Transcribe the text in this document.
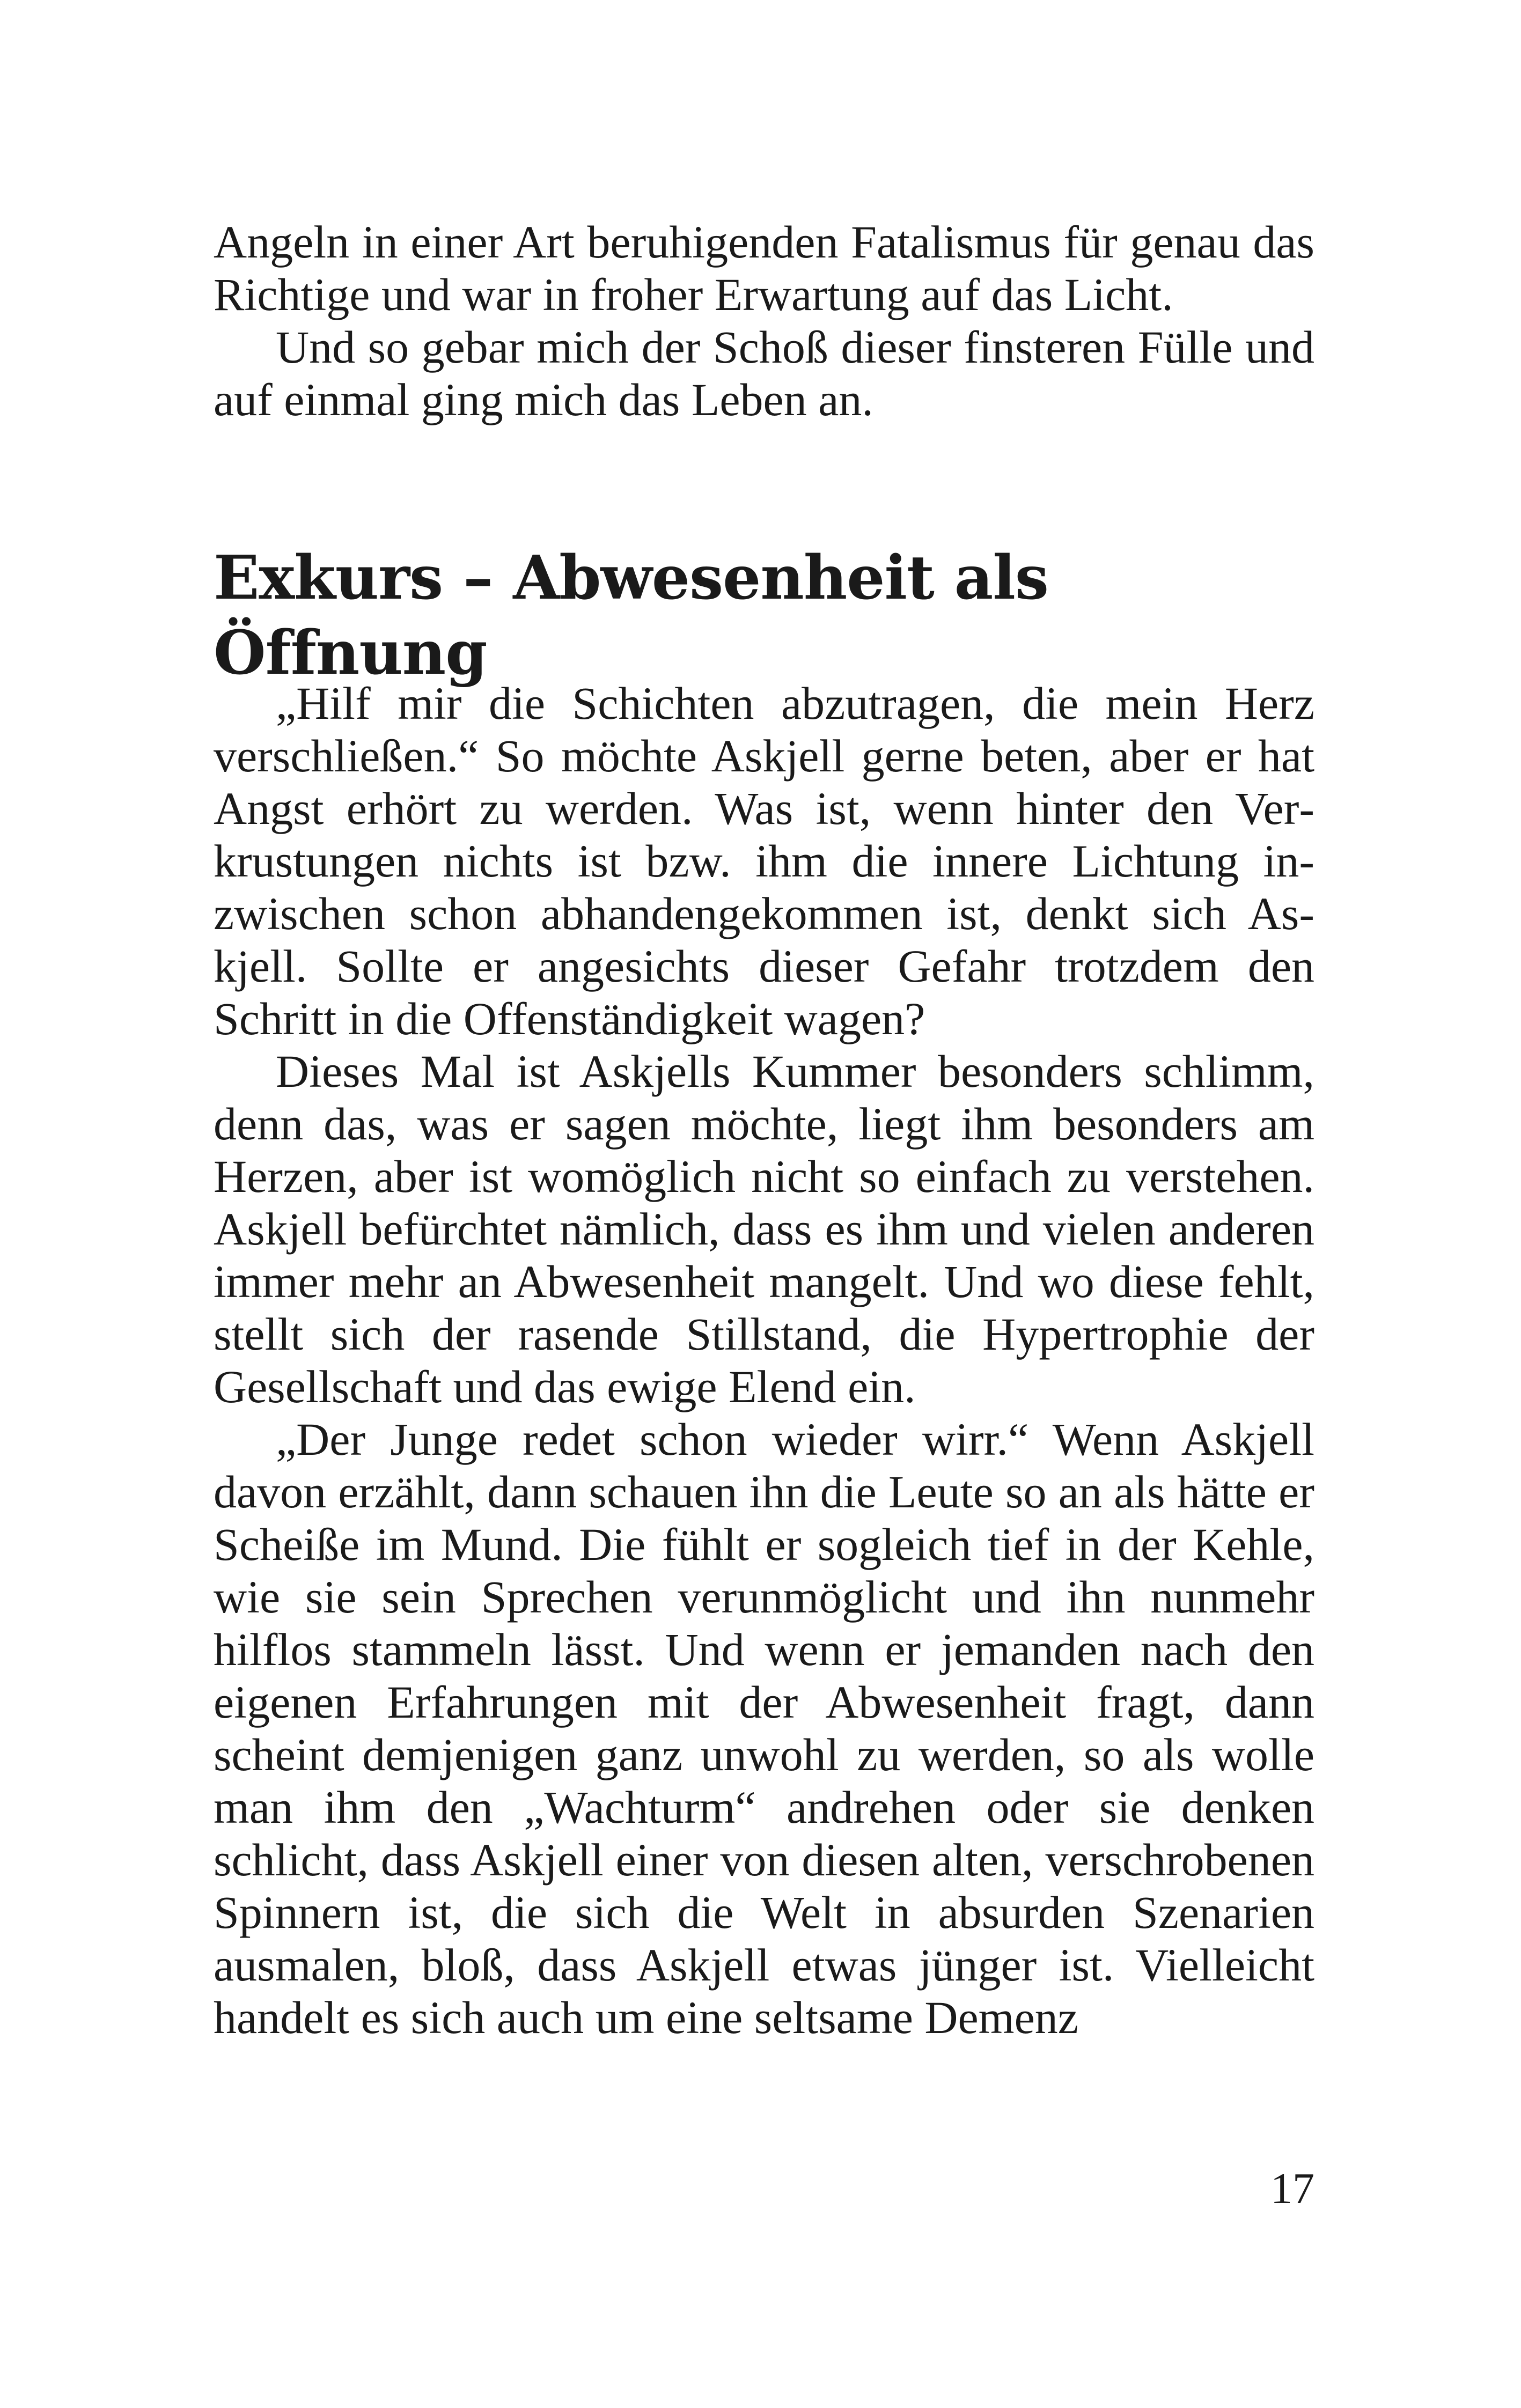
Angeln in einer Art beruhigenden Fatalismus für genau das Richtige und war in froher Erwartung auf das Licht.

Und so gebar mich der Schoß dieser finsteren Fülle und auf einmal ging mich das Leben an.

Exkurs – Abwesenheit als Öffnung

„Hilf mir die Schichten abzutragen, die mein Herz verschließen.“ So möchte Askjell gerne beten, aber er hat Angst erhört zu werden. Was ist, wenn hinter den Verkrustungen nichts ist bzw. ihm die innere Lichtung inzwischen schon abhandengekommen ist, denkt sich Askjell. Sollte er angesichts dieser Gefahr trotzdem den Schritt in die Offenständigkeit wagen?

Dieses Mal ist Askjells Kummer besonders schlimm, denn das, was er sagen möchte, liegt ihm besonders am Herzen, aber ist womöglich nicht so einfach zu verstehen. Askjell befürchtet nämlich, dass es ihm und vielen anderen immer mehr an Abwesenheit mangelt. Und wo diese fehlt, stellt sich der rasende Stillstand, die Hypertrophie der Gesellschaft und das ewige Elend ein.

„Der Junge redet schon wieder wirr.“ Wenn Askjell davon erzählt, dann schauen ihn die Leute so an als hätte er Scheiße im Mund. Die fühlt er sogleich tief in der Kehle, wie sie sein Sprechen verunmöglicht und ihn nunmehr hilflos stammeln lässt. Und wenn er jemanden nach den eigenen Erfahrungen mit der Abwesenheit fragt, dann scheint demjenigen ganz unwohl zu werden, so als wolle man ihm den „Wachturm“ andrehen oder sie denken schlicht, dass Askjell einer von diesen alten, verschrobenen Spinnern ist, die sich die Welt in absurden Szenarien ausmalen, bloß, dass Askjell etwas jünger ist. Vielleicht handelt es sich auch um eine seltsame Demenz

17
